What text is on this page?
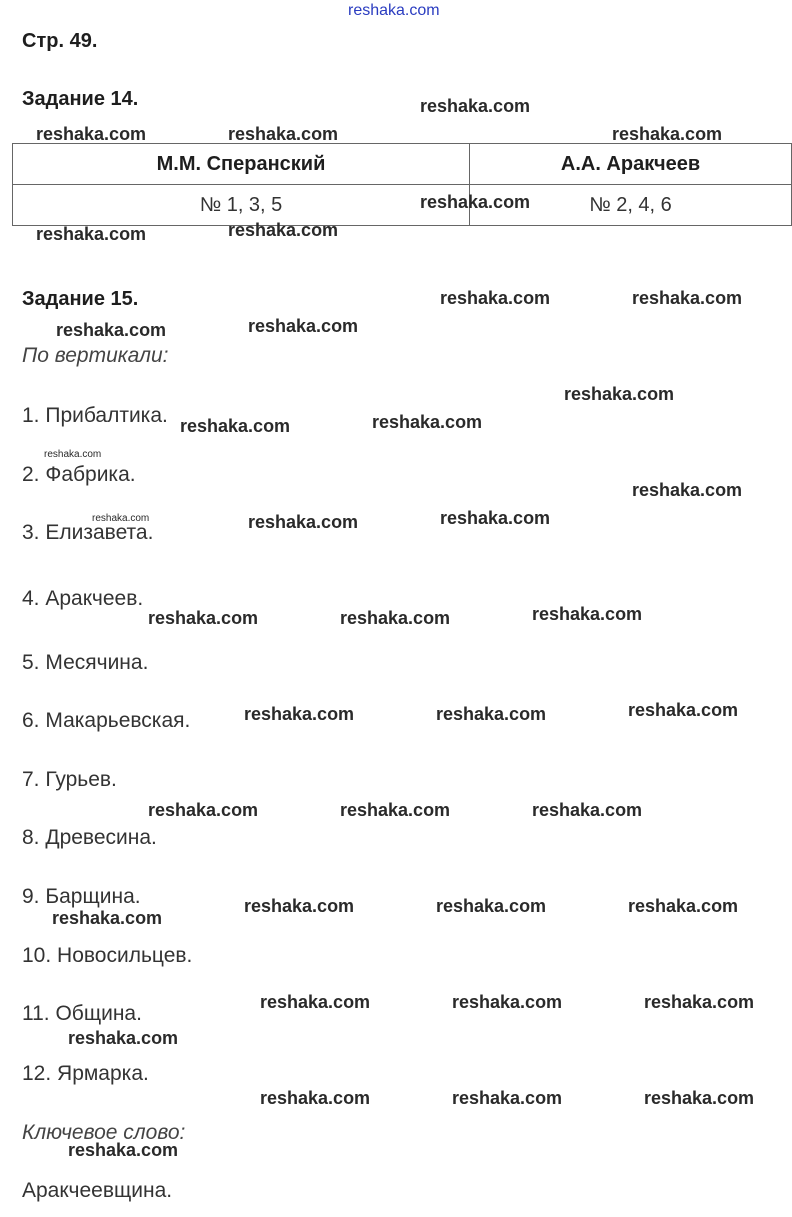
reshaka.com
Стр. 49.
Задание 14.
М.М. Сперанский	А.А. Аракчеев
№ 1, 3, 5	№ 2, 4, 6
Задание 15.
По вертикали:
1. Прибалтика.
2. Фабрика.
3. Елизавета.
4. Аракчеев.
5. Месячина.
6. Макарьевская.
7. Гурьев.
8. Древесина.
9. Барщина.
10. Новосильцев.
11. Община.
12. Ярмарка.
Ключевое слово:
Аракчеевщина.
reshaka.com
reshaka.com	reshaka.com	reshaka.com
reshaka.com
reshaka.com	reshaka.com
reshaka.com	reshaka.com
reshaka.com	reshaka.com
reshaka.com
reshaka.com	reshaka.com
reshaka.com
reshaka.com
reshaka.com	reshaka.com	reshaka.com
reshaka.com	reshaka.com	reshaka.com
reshaka.com	reshaka.com	reshaka.com
reshaka.com	reshaka.com	reshaka.com
reshaka.com
reshaka.com	reshaka.com	reshaka.com
reshaka.com	reshaka.com	reshaka.com
reshaka.com
reshaka.com	reshaka.com	reshaka.com
reshaka.com
